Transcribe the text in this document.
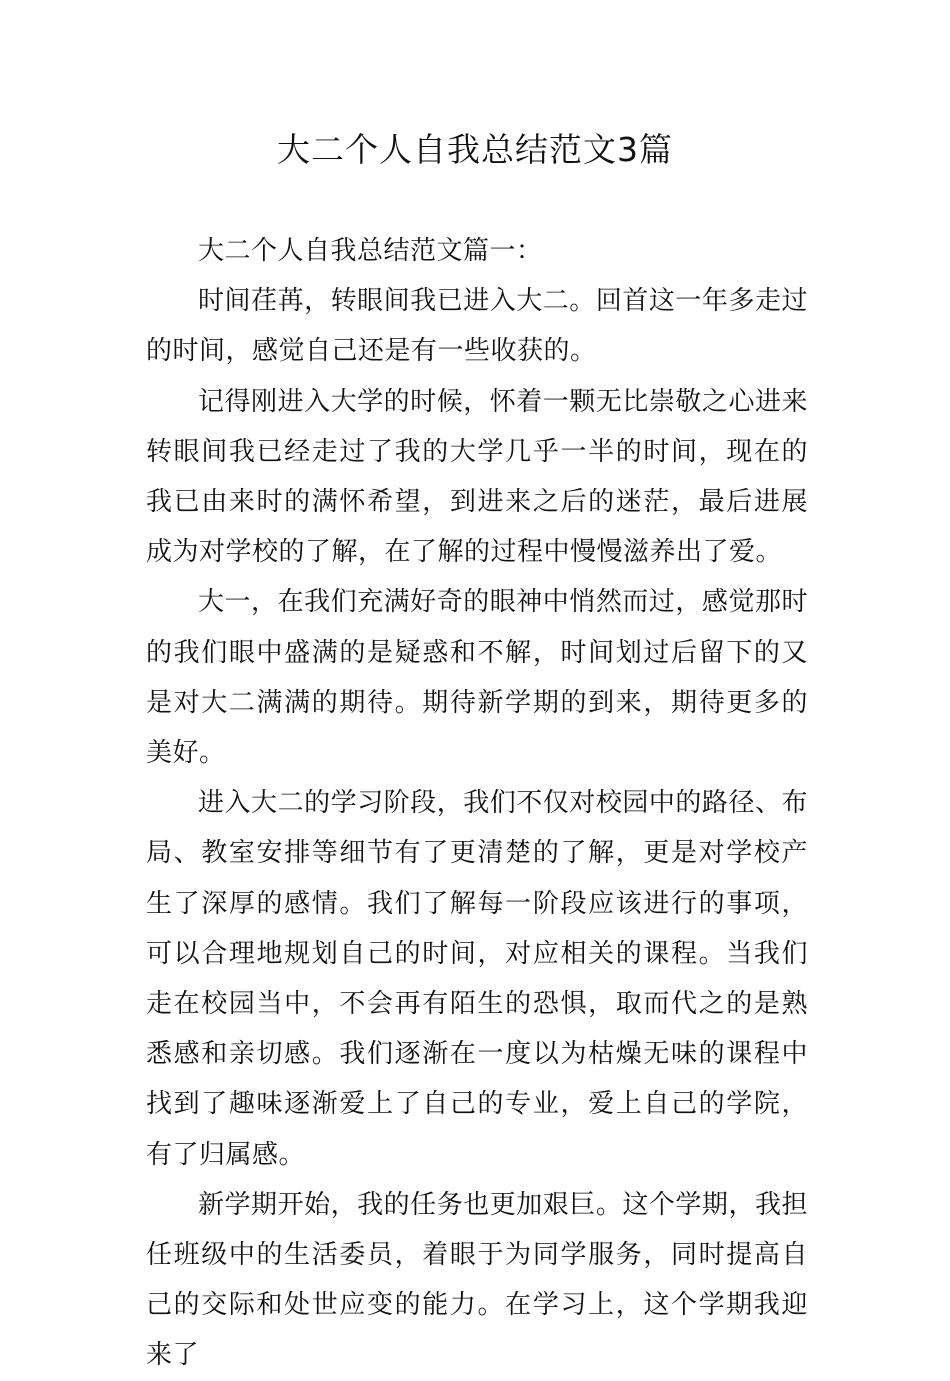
大二个人自我总结范文3篇

大二个人自我总结范文篇一：

时间荏苒，转眼间我已进入大二。回首这一年多走过的时间，感觉自己还是有一些收获的。

记得刚进入大学的时候，怀着一颗无比崇敬之心进来转眼间我已经走过了我的大学几乎一半的时间，现在的我已由来时的满怀希望，到进来之后的迷茫，最后进展成为对学校的了解，在了解的过程中慢慢滋养出了爱。

大一，在我们充满好奇的眼神中悄然而过，感觉那时的我们眼中盛满的是疑惑和不解，时间划过后留下的又是对大二满满的期待。期待新学期的到来，期待更多的美好。

进入大二的学习阶段，我们不仅对校园中的路径、布局、教室安排等细节有了更清楚的了解，更是对学校产生了深厚的感情。我们了解每一阶段应该进行的事项，可以合理地规划自己的时间，对应相关的课程。当我们走在校园当中，不会再有陌生的恐惧，取而代之的是熟悉感和亲切感。我们逐渐在一度以为枯燥无味的课程中找到了趣味逐渐爱上了自己的专业，爱上自己的学院，有了归属感。

新学期开始，我的任务也更加艰巨。这个学期，我担任班级中的生活委员，着眼于为同学服务，同时提高自己的交际和处世应变的能力。在学习上，这个学期我迎来了
